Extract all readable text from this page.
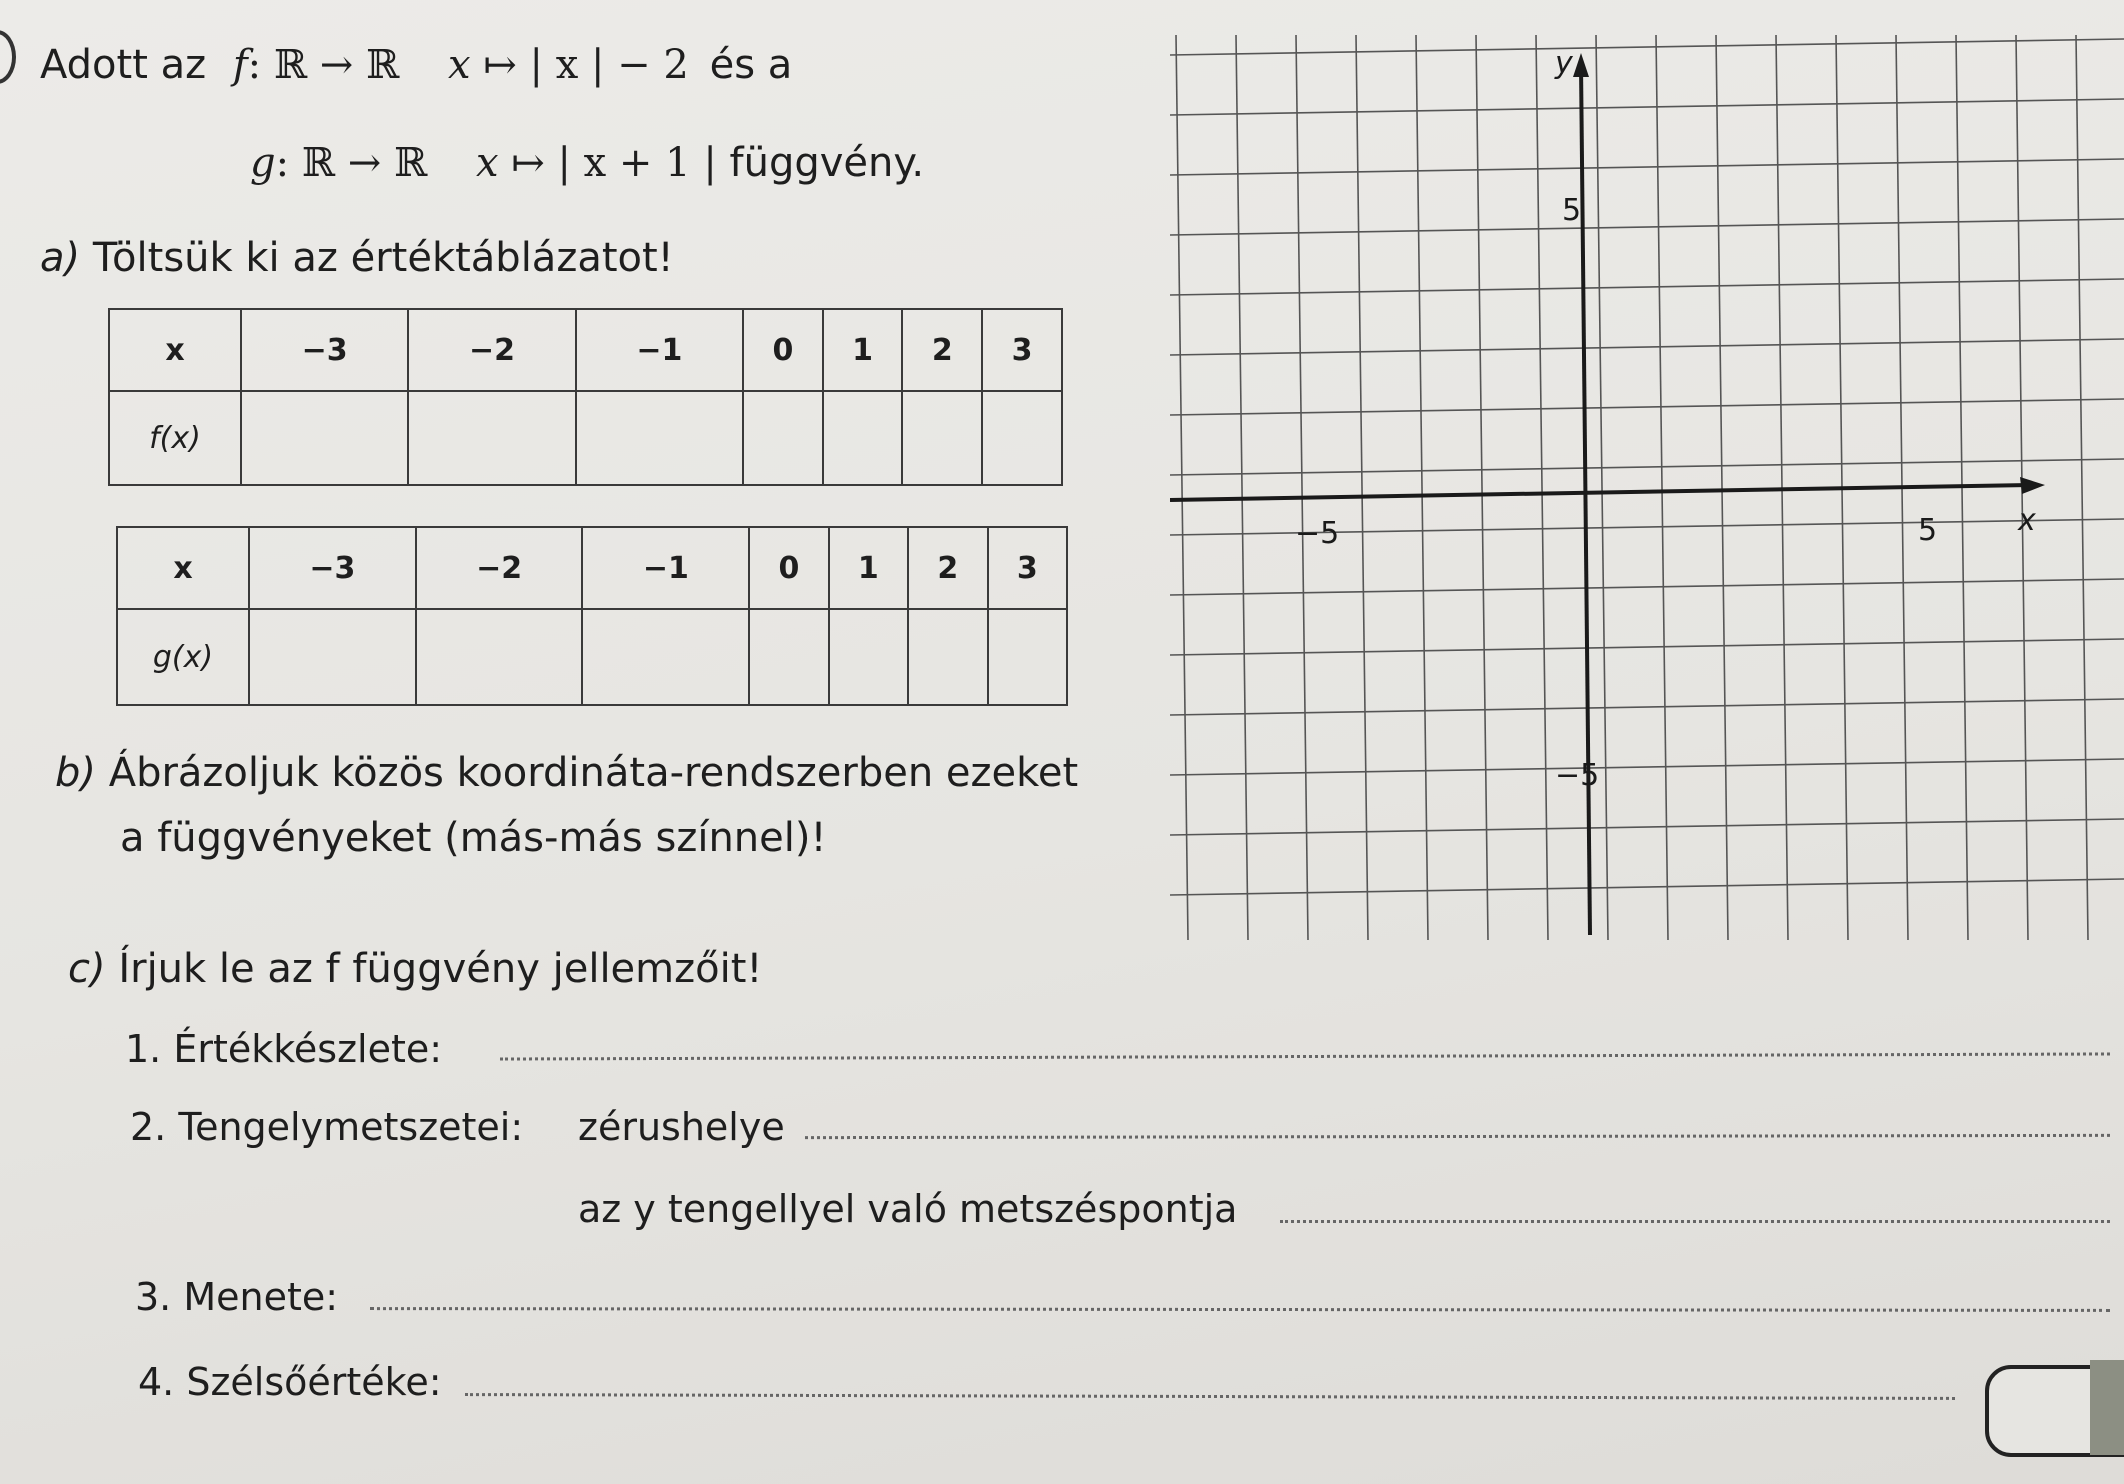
Adott az f: ℝ → ℝ x ↦ | x | − 2 és a
g: ℝ → ℝ x ↦ | x + 1 | függvény.
a) Töltsük ki az értéktáblázatot!
x	−3	−2	−1	0	1	2	3
f(x)							
x	−3	−2	−1	0	1	2	3
g(x)							
b) Ábrázoljuk közös koordináta-rendszerben ezeket
a függvényeket (más-más színnel)!
c) Írjuk le az f függvény jellemzőit!
1. Értékkészlete:
2. Tengelymetszetei: zérushelye
az y tengellyel való metszéspontja
3. Menete:
4. Szélsőértéke:
x
y
−5	5
5
−5
